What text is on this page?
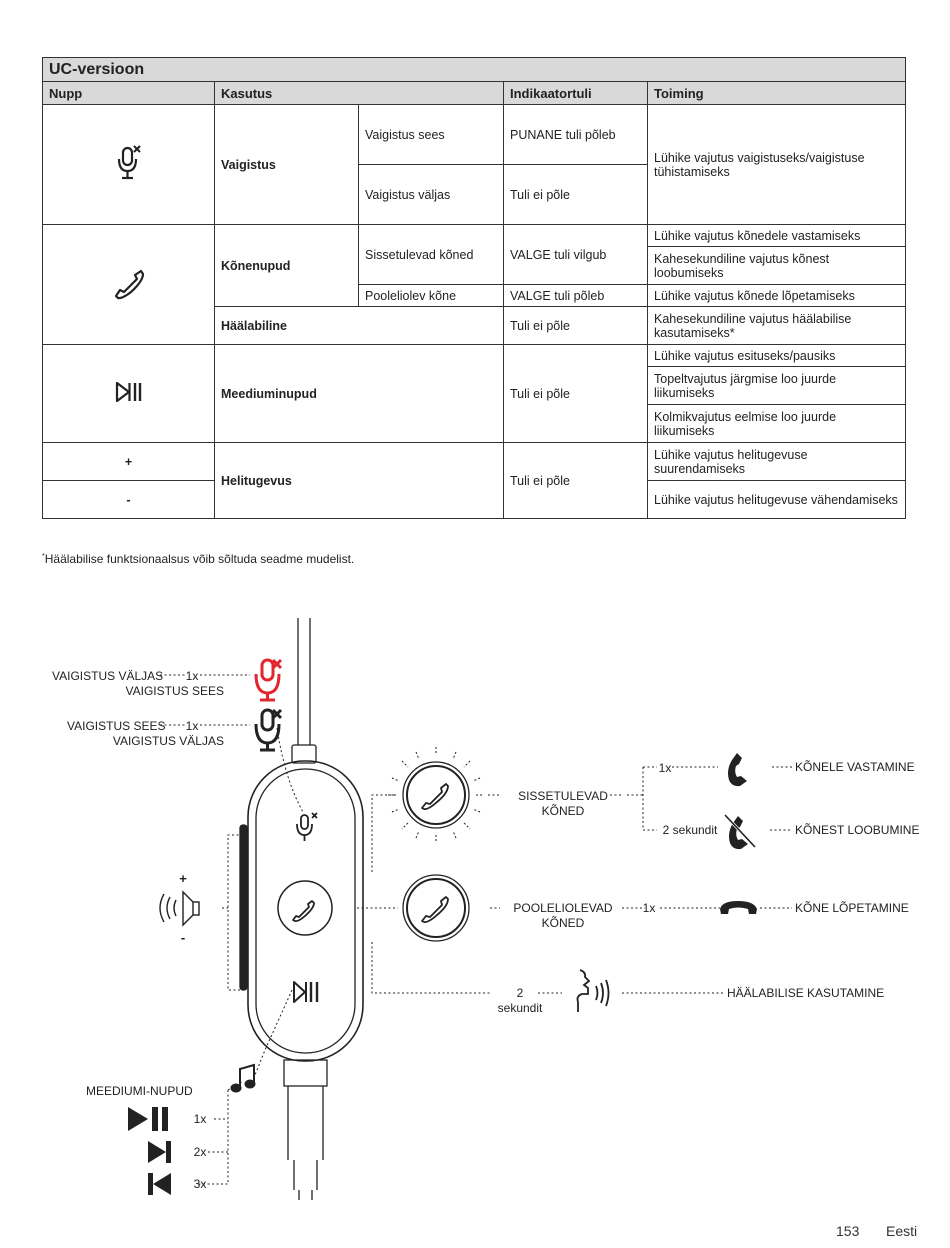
UC-versioon				
Nupp	Kasutus		Indikaatortuli	Toiming
	Vaigistus	Vaigistus sees	PUNANE tuli põleb	Lühike vajutus vaigistuseks/vaigistuse tühistamiseks
		Vaigistus väljas	Tuli ei põle	
	Kõnenupud	Sissetulevad kõned	VALGE tuli vilgub	Lühike vajutus kõnedele vastamiseks
				Kahesekundiline vajutus kõnest loobumiseks
		Pooleliolev kõne	VALGE tuli põleb	Lühike vajutus kõnede lõpetamiseks
	Häälabiline		Tuli ei põle	Kahesekundiline vajutus häälabilise kasutamiseks*
	Meediuminupud		Tuli ei põle	Lühike vajutus esituseks/pausiks
				Topeltvajutus järgmise loo juurde liikumiseks
				Kolmikvajutus eelmise loo juurde liikumiseks
+	Helitugevus		Tuli ei põle	Lühike vajutus helitugevuse suurendamiseks
-				Lühike vajutus helitugevuse vähendamiseks
*Häälabilise funktsionaalsus võib sõltuda seadme mudelist.
VAIGISTUS VÄLJAS 1x
VAIGISTUS SEES
VAIGISTUS SEES 1x
VAIGISTUS VÄLJAS
SISSETULEVAD
KÕNED
1x	KÕNELE VASTAMINE
2 sekundit	KÕNEST LOOBUMINE
POOLELIOLEVAD
KÕNED
1x	KÕNE LÕPETAMINE
2
sekundit
HÄÄLABILISE KASUTAMINE
+
-
MEEDIUMI-NUPUD
1x
2x
3x
153 Eesti
